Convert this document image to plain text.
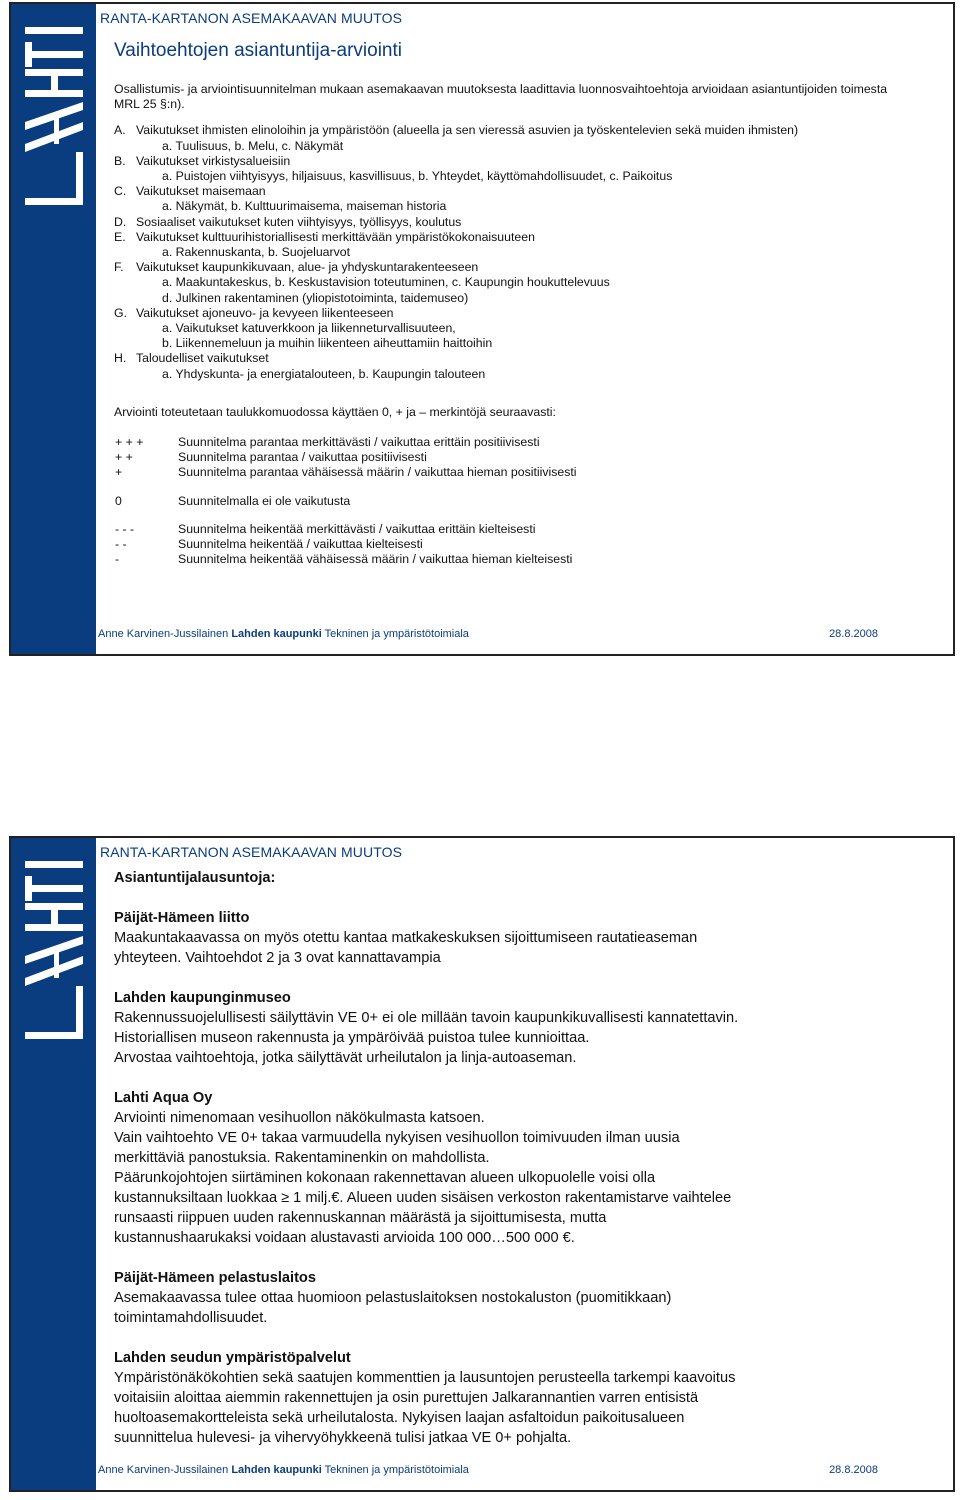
RANTA-KARTANON ASEMAKAAVAN MUUTOS
Vaihtoehtojen asiantuntija-arviointi
Osallistumis- ja arviointisuunnitelman mukaan asemakaavan muutoksesta laadittavia luonnosvaihtoehtoja arvioidaan asiantuntijoiden toimesta MRL 25 §:n).
A. Vaikutukset ihmisten elinoloihin ja ympäristöön (alueella ja sen vieressä asuvien ja työskentelevien sekä muiden ihmisten)
a. Tuulisuus, b. Melu, c. Näkymät
B. Vaikutukset virkistysalueisiin
a. Puistojen viihtyisyys, hiljaisuus, kasvillisuus, b. Yhteydet, käyttömahdollisuudet, c. Paikoitus
C. Vaikutukset maisemaan
a. Näkymät, b. Kulttuurimaisema, maiseman historia
D. Sosiaaliset vaikutukset kuten viihtyisyys, työllisyys, koulutus
E. Vaikutukset kulttuurihistoriallisesti merkittävään ympäristökokonaisuuteen
a. Rakennuskanta, b. Suojeluarvot
F.	Vaikutukset kaupunkikuvaan, alue- ja yhdyskuntarakenteeseen
a. Maakuntakeskus, b. Keskustavision toteutuminen, c. Kaupungin houkuttelevuus
d. Julkinen rakentaminen (yliopistotoiminta, taidemuseo)
G. Vaikutukset ajoneuvo- ja kevyeen liikenteeseen
a. Vaikutukset katuverkkoon ja liikenneturvallisuuteen,
b. Liikennemeluun ja muihin liikenteen aiheuttamiin haittoihin
H. Taloudelliset vaikutukset
a. Yhdyskunta- ja energiatalouteen, b. Kaupungin talouteen
Arviointi toteutetaan taulukkomuodossa käyttäen 0, + ja – merkintöjä seuraavasti:
+ + +	Suunnitelma parantaa merkittävästi / vaikuttaa erittäin positiivisesti
+ +	Suunnitelma parantaa / vaikuttaa positiivisesti
+	Suunnitelma parantaa vähäisessä määrin / vaikuttaa hieman positiivisesti
0	Suunnitelmalla ei ole vaikutusta
- - -	Suunnitelma heikentää merkittävästi / vaikuttaa erittäin kielteisesti
- -	Suunnitelma heikentää / vaikuttaa kielteisesti
-	Suunnitelma heikentää vähäisessä määrin / vaikuttaa hieman kielteisesti
Anne Karvinen-Jussilainen Lahden kaupunki Tekninen ja ympäristötoimiala	28.8.2008
RANTA-KARTANON ASEMAKAAVAN MUUTOS
Asiantuntijalausuntoja:
Päijät-Hämeen liitto
Maakuntakaavassa on myös otettu kantaa matkakeskuksen sijoittumiseen rautatieaseman
yhteyteen. Vaihtoehdot 2 ja 3 ovat kannattavampia
Lahden kaupunginmuseo
Rakennussuojelullisesti säilyttävin VE 0+ ei ole millään tavoin kaupunkikuvallisesti kannatettavin.
Historiallisen museon rakennusta ja ympäröivää puistoa tulee kunnioittaa.
Arvostaa vaihtoehtoja, jotka säilyttävät urheilutalon ja linja-autoaseman.
Lahti Aqua Oy
Arviointi nimenomaan vesihuollon näkökulmasta katsoen.
Vain vaihtoehto VE 0+ takaa varmuudella nykyisen vesihuollon toimivuuden ilman uusia
merkittäviä panostuksia. Rakentaminenkin on mahdollista.
Päärunkojohtojen siirtäminen kokonaan rakennettavan alueen ulkopuolelle voisi olla
kustannuksiltaan luokkaa ≥ 1 milj.€. Alueen uuden sisäisen verkoston rakentamistarve vaihtelee
runsaasti riippuen uuden rakennuskannan määrästä ja sijoittumisesta, mutta
kustannushaarukaksi voidaan alustavasti arvioida 100 000…500 000 €.
Päijät-Hämeen pelastuslaitos
Asemakaavassa tulee ottaa huomioon pelastuslaitoksen nostokaluston (puomitikkaan)
toimintamahdollisuudet.
Lahden seudun ympäristöpalvelut
Ympäristönäkökohtien sekä saatujen kommenttien ja lausuntojen perusteella tarkempi kaavoitus
voitaisiin aloittaa aiemmin rakennettujen ja osin purettujen Jalkarannantien varren entisistä
huoltoasemakortteleista sekä urheilutalosta. Nykyisen laajan asfaltoidun paikoitusalueen
suunnittelua hulevesi- ja vihervyöhykkeenä tulisi jatkaa VE 0+ pohjalta.
Anne Karvinen-Jussilainen Lahden kaupunki Tekninen ja ympäristötoimiala	28.8.2008
